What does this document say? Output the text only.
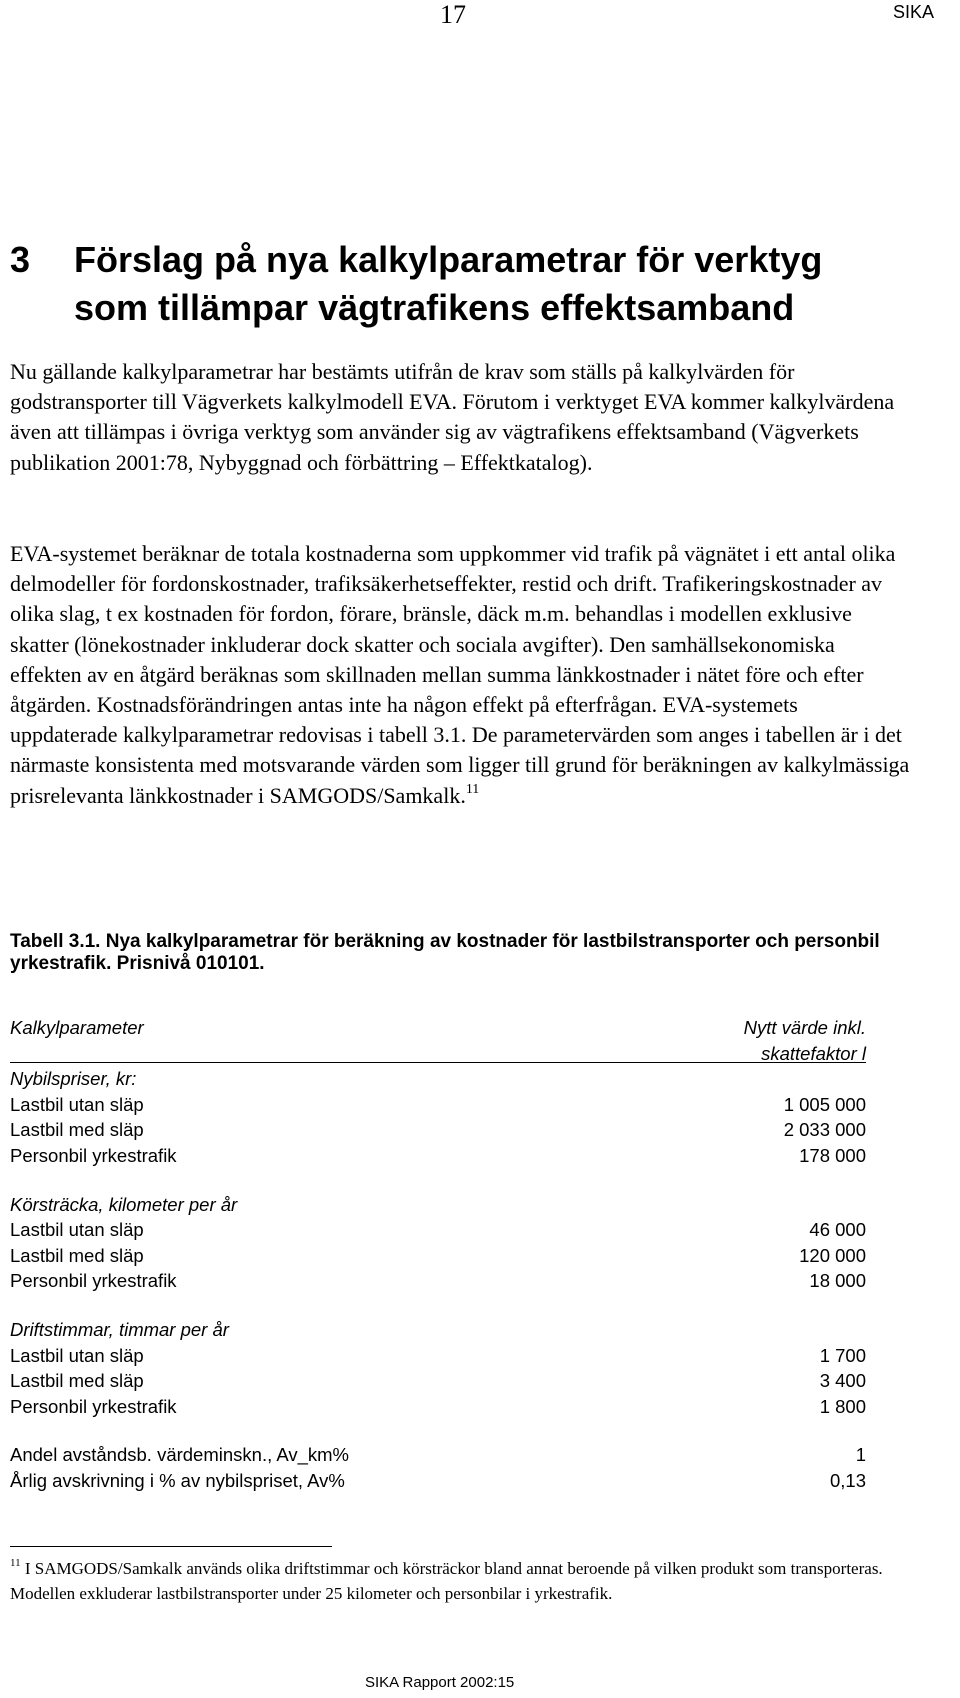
17	SIKA
3	Förslag på nya kalkylparametrar för verktyg
som tillämpar vägtrafikens effektsamband

Nu gällande kalkylparametrar har bestämts utifrån de krav som ställs på kalkylvärden för godstransporter till Vägverkets kalkylmodell EVA. Förutom i verktyget EVA kommer kalkylvärdena även att tillämpas i övriga verktyg som använder sig av vägtrafikens effektsamband (Vägverkets publikation 2001:78, Nybyggnad och förbättring – Effektkatalog).

EVA-systemet beräknar de totala kostnaderna som uppkommer vid trafik på vägnätet i ett antal olika delmodeller för fordonskostnader, trafiksäkerhetseffekter, restid och drift. Trafikeringskostnader av olika slag, t ex kostnaden för fordon, förare, bränsle, däck m.m. behandlas i modellen exklusive skatter (lönekostnader inkluderar dock skatter och sociala avgifter). Den samhällsekonomiska effekten av en åtgärd beräknas som skillnaden mellan summa länkkostnader i nätet före och efter åtgärden. Kostnadsförändringen antas inte ha någon effekt på efterfrågan. EVA-systemets uppdaterade kalkylparametrar redovisas i tabell 3.1. De parametervärden som anges i tabellen är i det närmaste konsistenta med motsvarande värden som ligger till grund för beräkningen av kalkylmässiga prisrelevanta länkkostnader i SAMGODS/Samkalk.$^{11}$

Tabell 3.1. Nya kalkylparametrar för beräkning av kostnader för lastbilstransporter och personbil yrkestrafik. Prisnivå 010101.

Kalkylparameter	Nytt värde inkl.
skattefaktor l
Nybilspriser, kr:
Lastbil utan släp	1 005 000
Lastbil med släp	2 033 000
Personbil yrkestrafik	178 000
Körsträcka, kilometer per år
Lastbil utan släp	46 000
Lastbil med släp	120 000
Personbil yrkestrafik	18 000
Driftstimmar, timmar per år
Lastbil utan släp	1 700
Lastbil med släp	3 400
Personbil yrkestrafik	1 800
Andel avståndsb. värdeminskn., Av_km%	1
Årlig avskrivning i % av nybilspriset, Av%	0,13

$^{11}$ I SAMGODS/Samkalk används olika driftstimmar och körsträckor bland annat beroende på vilken produkt som transporteras. Modellen exkluderar lastbilstransporter under 25 kilometer och personbilar i yrkestrafik.

SIKA Rapport 2002:15
